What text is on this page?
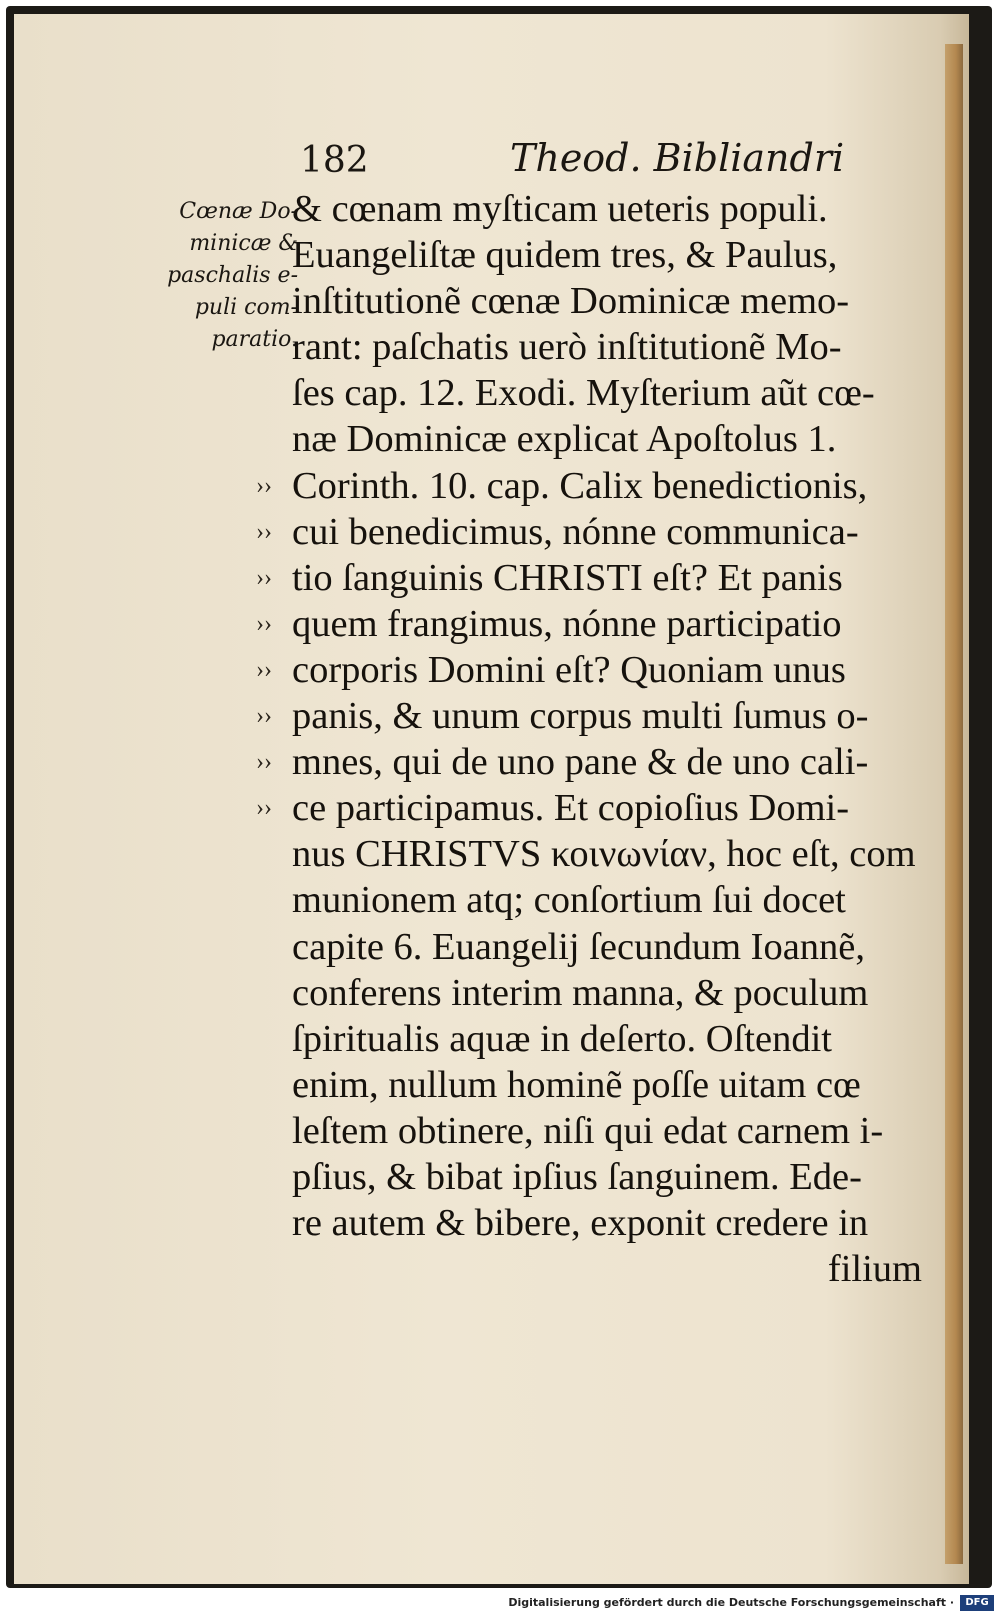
182	Theod. Bibliandri
Cœnæ Do-
minicæ &
paschalis e-
puli com-
paratio.
& cœnam myſticam ueteris populi.
Euangeliſtæ quidem tres, & Paulus,
inſtitutionẽ cœnæ Dominicæ memo-
rant: paſchatis uerò inſtitutionẽ Mo-
ſes cap. 12. Exodi. Myſterium aũt cœ-
næ Dominicæ explicat Apoſtolus 1.
›› Corinth. 10. cap. Calix benedictionis,
›› cui benedicimus, nónne communica-
›› tio ſanguinis CHRISTI eſt? Et panis
›› quem frangimus, nónne participatio
›› corporis Domini eſt? Quoniam unus
›› panis, & unum corpus multi ſumus o-
›› mnes, qui de uno pane & de uno cali-
›› ce participamus. Et copioſius Domi-
nus CHRISTVS κοινωνίαν, hoc eſt, com
munionem atq; conſortium ſui docet
capite 6. Euangelij ſecundum Ioannẽ,
conferens interim manna, & poculum
ſpiritualis aquæ in deſerto. Oſtendit
enim, nullum hominẽ poſſe uitam cœ
leſtem obtinere, niſi qui edat carnem i-
pſius, & bibat ipſius ſanguinem. Ede-
re autem & bibere, exponit credere in
filium
Digitalisierung gefördert durch die Deutsche Forschungsgemeinschaft ·	DFG
